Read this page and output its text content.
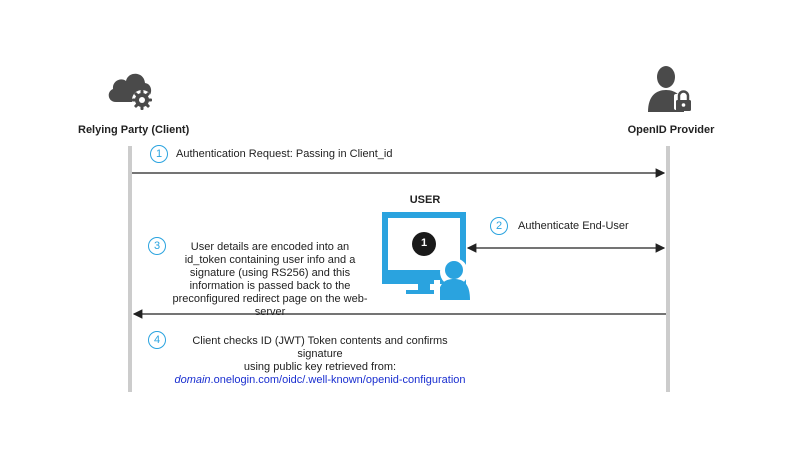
Relying Party (Client)	OpenID Provider
1	Authentication Request: Passing in Client_id
USER
1
2	Authenticate End-User
3	User details are encoded into an id_token containing user info and a signature (using RS256) and this information is passed back to the preconfigured redirect page on the web-server
4	Client checks ID (JWT) Token contents and confirms signature
using public key retrieved from:
domain.onelogin.com/oidc/.well-known/openid-configuration
